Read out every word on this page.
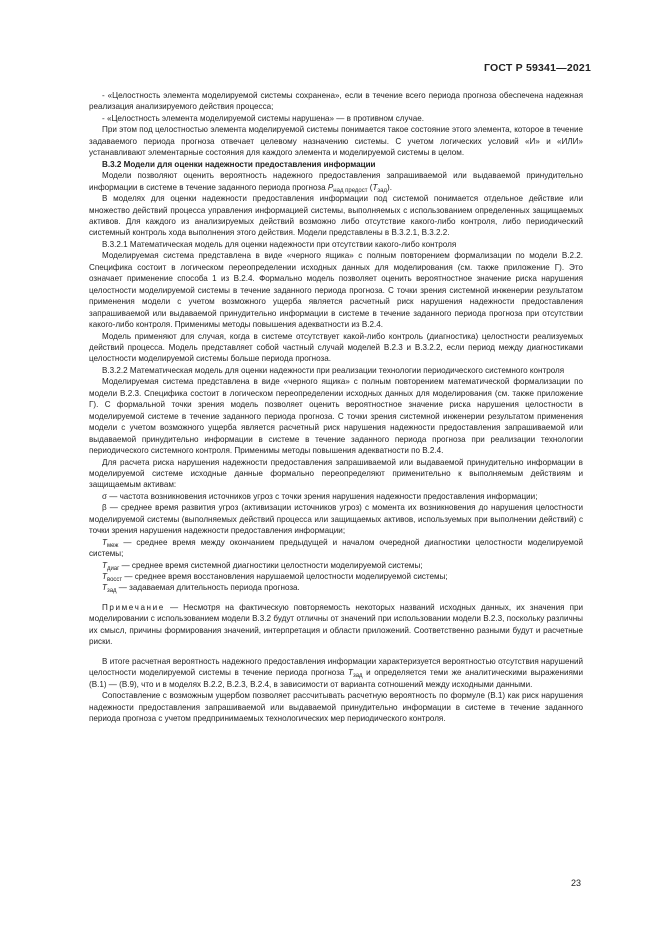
ГОСТ Р 59341—2021

- «Целостность элемента моделируемой системы сохранена», если в течение всего периода прогноза обеспечена надежная реализация анализируемого действия процесса;

- «Целостность элемента моделируемой системы нарушена» — в противном случае.

При этом под целостностью элемента моделируемой системы понимается такое состояние этого элемента, которое в течение задаваемого периода прогноза отвечает целевому назначению системы. С учетом логических условий «И» и «ИЛИ» устанавливают элементарные состояния для каждого элемента и моделируемой системы в целом.

В.3.2 Модели для оценки надежности предоставления информации

Модели позволяют оценить вероятность надежного предоставления запрашиваемой или выдаваемой принудительно информации в системе в течение заданного периода прогноза $P_{над предост}$ $(T_{зад})$.

В моделях для оценки надежности предоставления информации под системой понимается отдельное действие или множество действий процесса управления информацией системы, выполняемых с использованием определенных защищаемых активов. Для каждого из анализируемых действий возможно либо отсутствие какого-либо контроля, либо периодический системный контроль хода выполнения этого действия. Модели представлены в В.3.2.1, В.3.2.2.

В.3.2.1 Математическая модель для оценки надежности при отсутствии какого-либо контроля

Моделируемая система представлена в виде «черного ящика» с полным повторением формализации по модели В.2.2. Специфика состоит в логическом переопределении исходных данных для моделирования (см. также приложение Г). Это означает применение способа 1 из В.2.4. Формально модель позволяет оценить вероятностное значение риска нарушения целостности моделируемой системы в течение заданного периода прогноза. С точки зрения системной инженерии результатом применения модели с учетом возможного ущерба является расчетный риск нарушения надежности предоставления запрашиваемой или выдаваемой принудительно информации в системе в течение заданного периода прогноза при отсутствии какого-либо контроля. Применимы методы повышения адекватности из В.2.4.

Модель применяют для случая, когда в системе отсутствует какой-либо контроль (диагностика) целостности реализуемых действий процесса. Модель представляет собой частный случай моделей В.2.3 и В.3.2.2, если период между диагностиками целостности моделируемой системы больше периода прогноза.

В.3.2.2 Математическая модель для оценки надежности при реализации технологии периодического системного контроля

Моделируемая система представлена в виде «черного ящика» с полным повторением математической формализации по модели В.2.3. Специфика состоит в логическом переопределении исходных данных для моделирования (см. также приложение Г). С формальной точки зрения модель позволяет оценить вероятностное значение риска нарушения целостности в моделируемой системе в течение заданного периода прогноза. С точки зрения системной инженерии результатом применения модели с учетом возможного ущерба является расчетный риск нарушения надежности предоставления запрашиваемой или выдаваемой принудительно информации в системе в течение заданного периода прогноза при реализации технологии периодического системного контроля. Применимы методы повышения адекватности по В.2.4.

Для расчета риска нарушения надежности предоставления запрашиваемой или выдаваемой принудительно информации в моделируемой системе исходные данные формально переопределяют применительно к выполняемым действиям и защищаемым активам:

σ — частота возникновения источников угроз с точки зрения нарушения надежности предоставления информации;

β — среднее время развития угроз (активизации источников угроз) с момента их возникновения до нарушения целостности моделируемой системы (выполняемых действий процесса или защищаемых активов, используемых при выполнении действий) с точки зрения нарушения надежности предоставления информации;

$T_{меж}$ — среднее время между окончанием предыдущей и началом очередной диагностики целостности моделируемой системы;

$T_{диаг}$ — среднее время системной диагностики целостности моделируемой системы;

$T_{восст}$ — среднее время восстановления нарушаемой целостности моделируемой системы;

$T_{зад}$ — задаваемая длительность периода прогноза.

Примечание — Несмотря на фактическую повторяемость некоторых названий исходных данных, их значения при моделировании с использованием модели В.3.2 будут отличны от значений при использовании модели В.2.3, поскольку различны их смысл, причины формирования значений, интерпретация и области приложений. Соответственно разными будут и расчетные риски.

В итоге расчетная вероятность надежного предоставления информации характеризуется вероятностью отсутствия нарушений целостности моделируемой системы в течение периода прогноза $T_{зад}$ и определяется теми же аналитическими выражениями (В.1) — (В.9), что и в моделях В.2.2, В.2.3, В.2.4, в зависимости от варианта сотношений между исходными данными.

Сопоставление с возможным ущербом позволяет рассчитывать расчетную вероятность по формуле (В.1) как риск нарушения надежности предоставления запрашиваемой или выдаваемой принудительно информации в системе в течение заданного периода прогноза с учетом предпринимаемых технологических мер периодического контроля.

23
